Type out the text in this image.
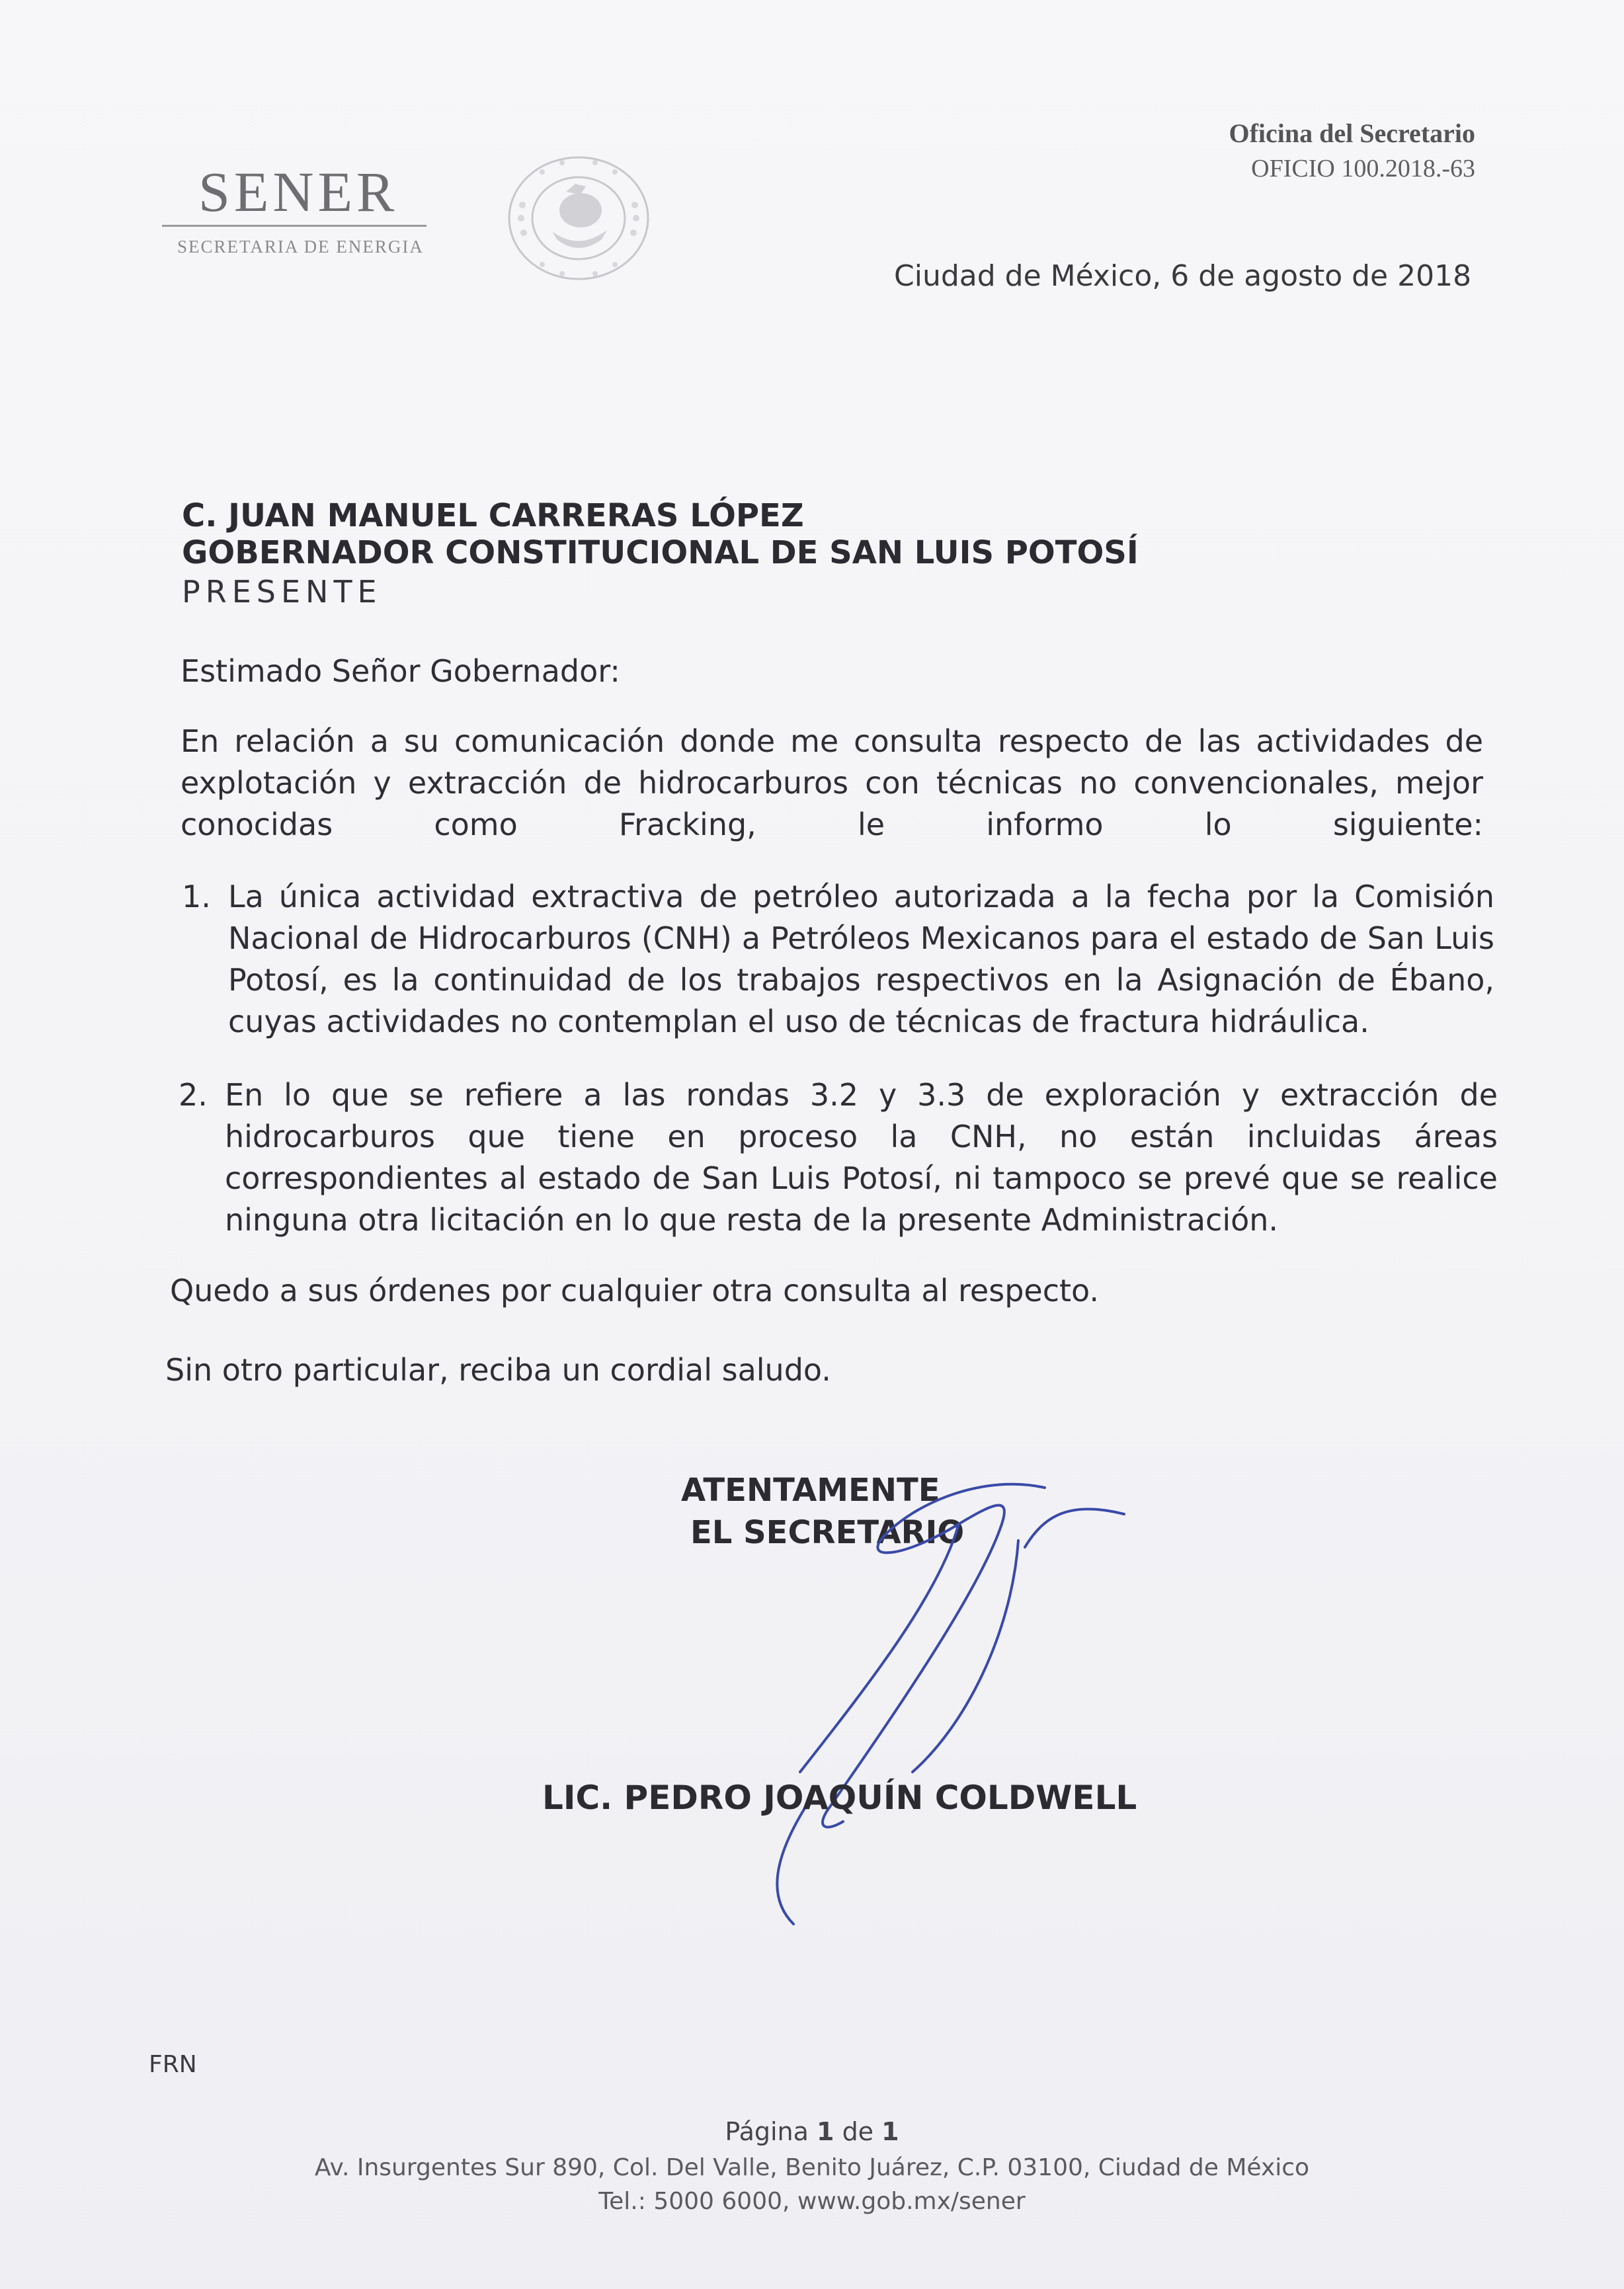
SENER
SECRETARIA DE ENERGIA
Oficina del Secretario
OFICIO 100.2018.-63
Ciudad de México, 6 de agosto de 2018
C. JUAN MANUEL CARRERAS LÓPEZ
GOBERNADOR CONSTITUCIONAL DE SAN LUIS POTOSÍ
PRESENTE
Estimado Señor Gobernador:
En relación a su comunicación donde me consulta respecto de las actividades de explotación y extracción de hidrocarburos con técnicas no convencionales, mejor conocidas como Fracking, le informo lo siguiente:
1. La única actividad extractiva de petróleo autorizada a la fecha por la Comisión Nacional de Hidrocarburos (CNH) a Petróleos Mexicanos para el estado de San Luis Potosí, es la continuidad de los trabajos respectivos en la Asignación de Ébano, cuyas actividades no contemplan el uso de técnicas de fractura hidráulica.
2. En lo que se refiere a las rondas 3.2 y 3.3 de exploración y extracción de hidrocarburos que tiene en proceso la CNH, no están incluidas áreas correspondientes al estado de San Luis Potosí, ni tampoco se prevé que se realice ninguna otra licitación en lo que resta de la presente Administración.
Quedo a sus órdenes por cualquier otra consulta al respecto.
Sin otro particular, reciba un cordial saludo.
ATENTAMENTE
EL SECRETARIO
LIC. PEDRO JOAQUÍN COLDWELL
FRN
Página 1 de 1
Av. Insurgentes Sur 890, Col. Del Valle, Benito Juárez, C.P. 03100, Ciudad de México
Tel.: 5000 6000, www.gob.mx/sener
